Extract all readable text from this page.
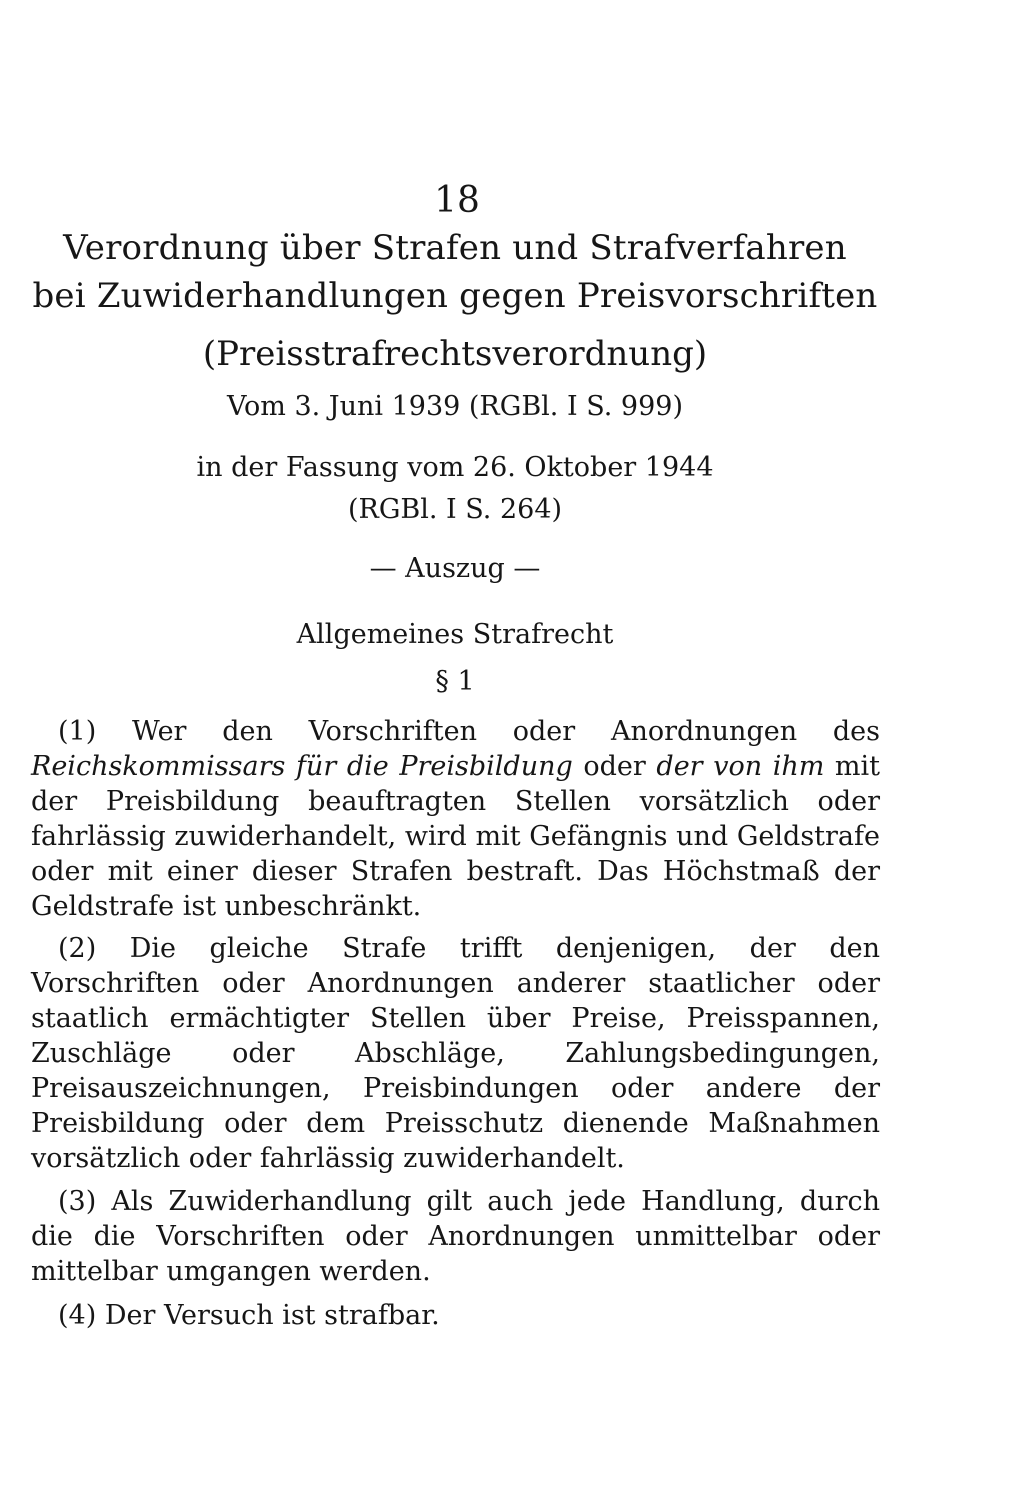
18
Verordnung über Strafen und Strafverfahren
bei Zuwiderhandlungen gegen Preisvorschriften
(Preisstrafrechtsverordnung)
Vom 3. Juni 1939 (RGBl. I S. 999)
in der Fassung vom 26. Oktober 1944
(RGBl. I S. 264)
— Auszug —
Allgemeines Strafrecht
§ 1
(1) Wer den Vorschriften oder Anordnungen des Reichskommissars für die Preisbildung oder der von ihm mit der Preisbildung beauftragten Stellen vorsätzlich oder fahrlässig zuwiderhandelt, wird mit Gefängnis und Geldstrafe oder mit einer dieser Strafen bestraft. Das Höchstmaß der Geldstrafe ist unbeschränkt.
(2) Die gleiche Strafe trifft denjenigen, der den Vorschriften oder Anordnungen anderer staatlicher oder staatlich ermächtigter Stellen über Preise, Preisspannen, Zuschläge oder Abschläge, Zahlungsbedingungen, Preisauszeichnungen, Preisbindungen oder andere der Preisbildung oder dem Preisschutz dienende Maßnahmen vorsätzlich oder fahrlässig zuwiderhandelt.
(3) Als Zuwiderhandlung gilt auch jede Handlung, durch die die Vorschriften oder Anordnungen unmittelbar oder mittelbar umgangen werden.
(4) Der Versuch ist strafbar.
